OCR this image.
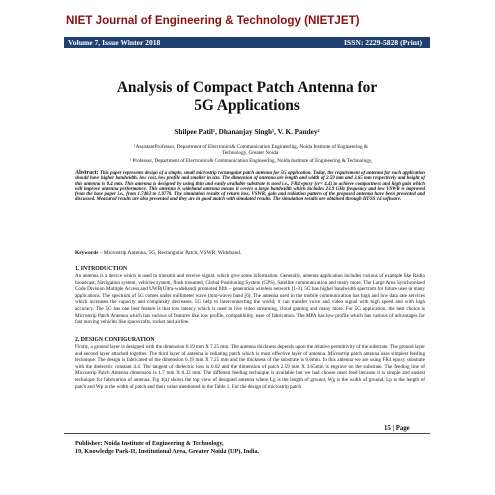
NIET Journal of Engineering & Technology (NIETJET)
Volume 7, Issue Winter 2018	ISSN: 2229-5828 (Print)
Analysis of Compact Patch Antenna for
5G Applications
Shilpee Patil¹, Dhananjay Singh¹, V. K. Pandey²
¹AssistantProfessor, Department of Electronics& Communication Engineering, Noida Institute of Engineering &
Technology, Greater Noida
² Professor, Department of Electronics& Communication Engineering, Noida Institute of Engineering & Technology,
Abstract: This paper represents design of a simple, small microstrip rectangular patch antenna for 5G application. Today, the requirement of antenna for such application should have higher bandwidth, low cost, low profile and smaller in size. The dimension of antenna are length and width of 2.59 mm and 3.65 mm respectively and height of this antenna is 0.4 mm. This antenna is designed by using thin and easily available substrate is used i.e., FR4 epoxy (εr= 4.4) to achieve compactness and high gain which will improve antenna performance. This antenna is wideband antenna means it covers a large bandwidth which includes 23.9 GHz frequency and low VSWR is improved from the base paper i.e., from 1.7483 to 1.0770. The simulation results of return loss, VSWR, gain and radiation pattern of the proposed antenna have been presented and discussed. Measured results are also presented and they are in good match with simulated results. The simulation results are obtained through HFSS 14 software.
Keywords – Microstrip Antenna, 5G, Rectangular Patch, VSWR, Wideband.
1. INTRODUCTION
An antenna is a device which is used to transmit and receive signal, which give some information. Generally, antenna application includes various of example like Radio broadcast, Navigation system, vehicles system, flush mounted, Global Positioning System (GPS), Satellite communication and many more. The Large Area Synchronized Code Division Multiple Access and UWB(Ultra-wideband) promoted fifth – generation wireless network [1-3]. 5G has higher bandwidth spectrum for future uses in many applications. The spectrum of 5G comes under millimeter wave (mm-wave) band [6]. The antenna used in the mobile communication has high and low data rate services which increases the capacity and complexity decreases. 5G help to interconnecting the world; it can transfer voice and video signal with high speed and with high accuracy. The 5G has one best feature is that low latency which is used in live video streaming, cloud gaming and many more. For 5G application, the best choice is Microstrip Patch Antenna which has various of features like low profile, compatibility, ease of fabrication. The MPA has low profile which has various of advantages for fast moving vehicles like spacecrafts, rocket and airline.
2. DESIGN CONFIGURATION
Firstly, a ground layer is designed with the dimension 6.19 mm X 7.25 mm. The antenna thickness depends upon the relative permittivity of the substrate. The ground layer and second layer attached together. The third layer of antenna is radiating patch which is most effective layer of antenna. Microstrip patch antenna uses simplest feeding technique. The design is fabricated of the dimension 6.19 mm X 7.25 mm and the thickness of the substrate is 0.6mm. In this antenna we are using FR4 epoxy substrate with the dielectric constant 4.4. The tangent of dielectric loss is 0.02 and the dimension of patch 2.59 mm X 3.65mm is engrave on the substrate. The feeding line of Microstrip Patch Antenna dimension is 1.7 mm X 0.33 mm. The different feeding technique is available but we had choose inset feed because it is simple and easiest technique for fabrication of antenna. Fig 1(a) shows the top view of designed antenna where Lg is the length of ground, Wg is the width of ground, Lp is the length of patch and Wp is the width of patch and their value mentioned in the Table 1. For the design of microstrip patch
15 | Page
Publisher: Noida Institute of Engineering & Technology,
19, Knowledge Park-II, Institutional Area, Greater Noida (UP), India.
